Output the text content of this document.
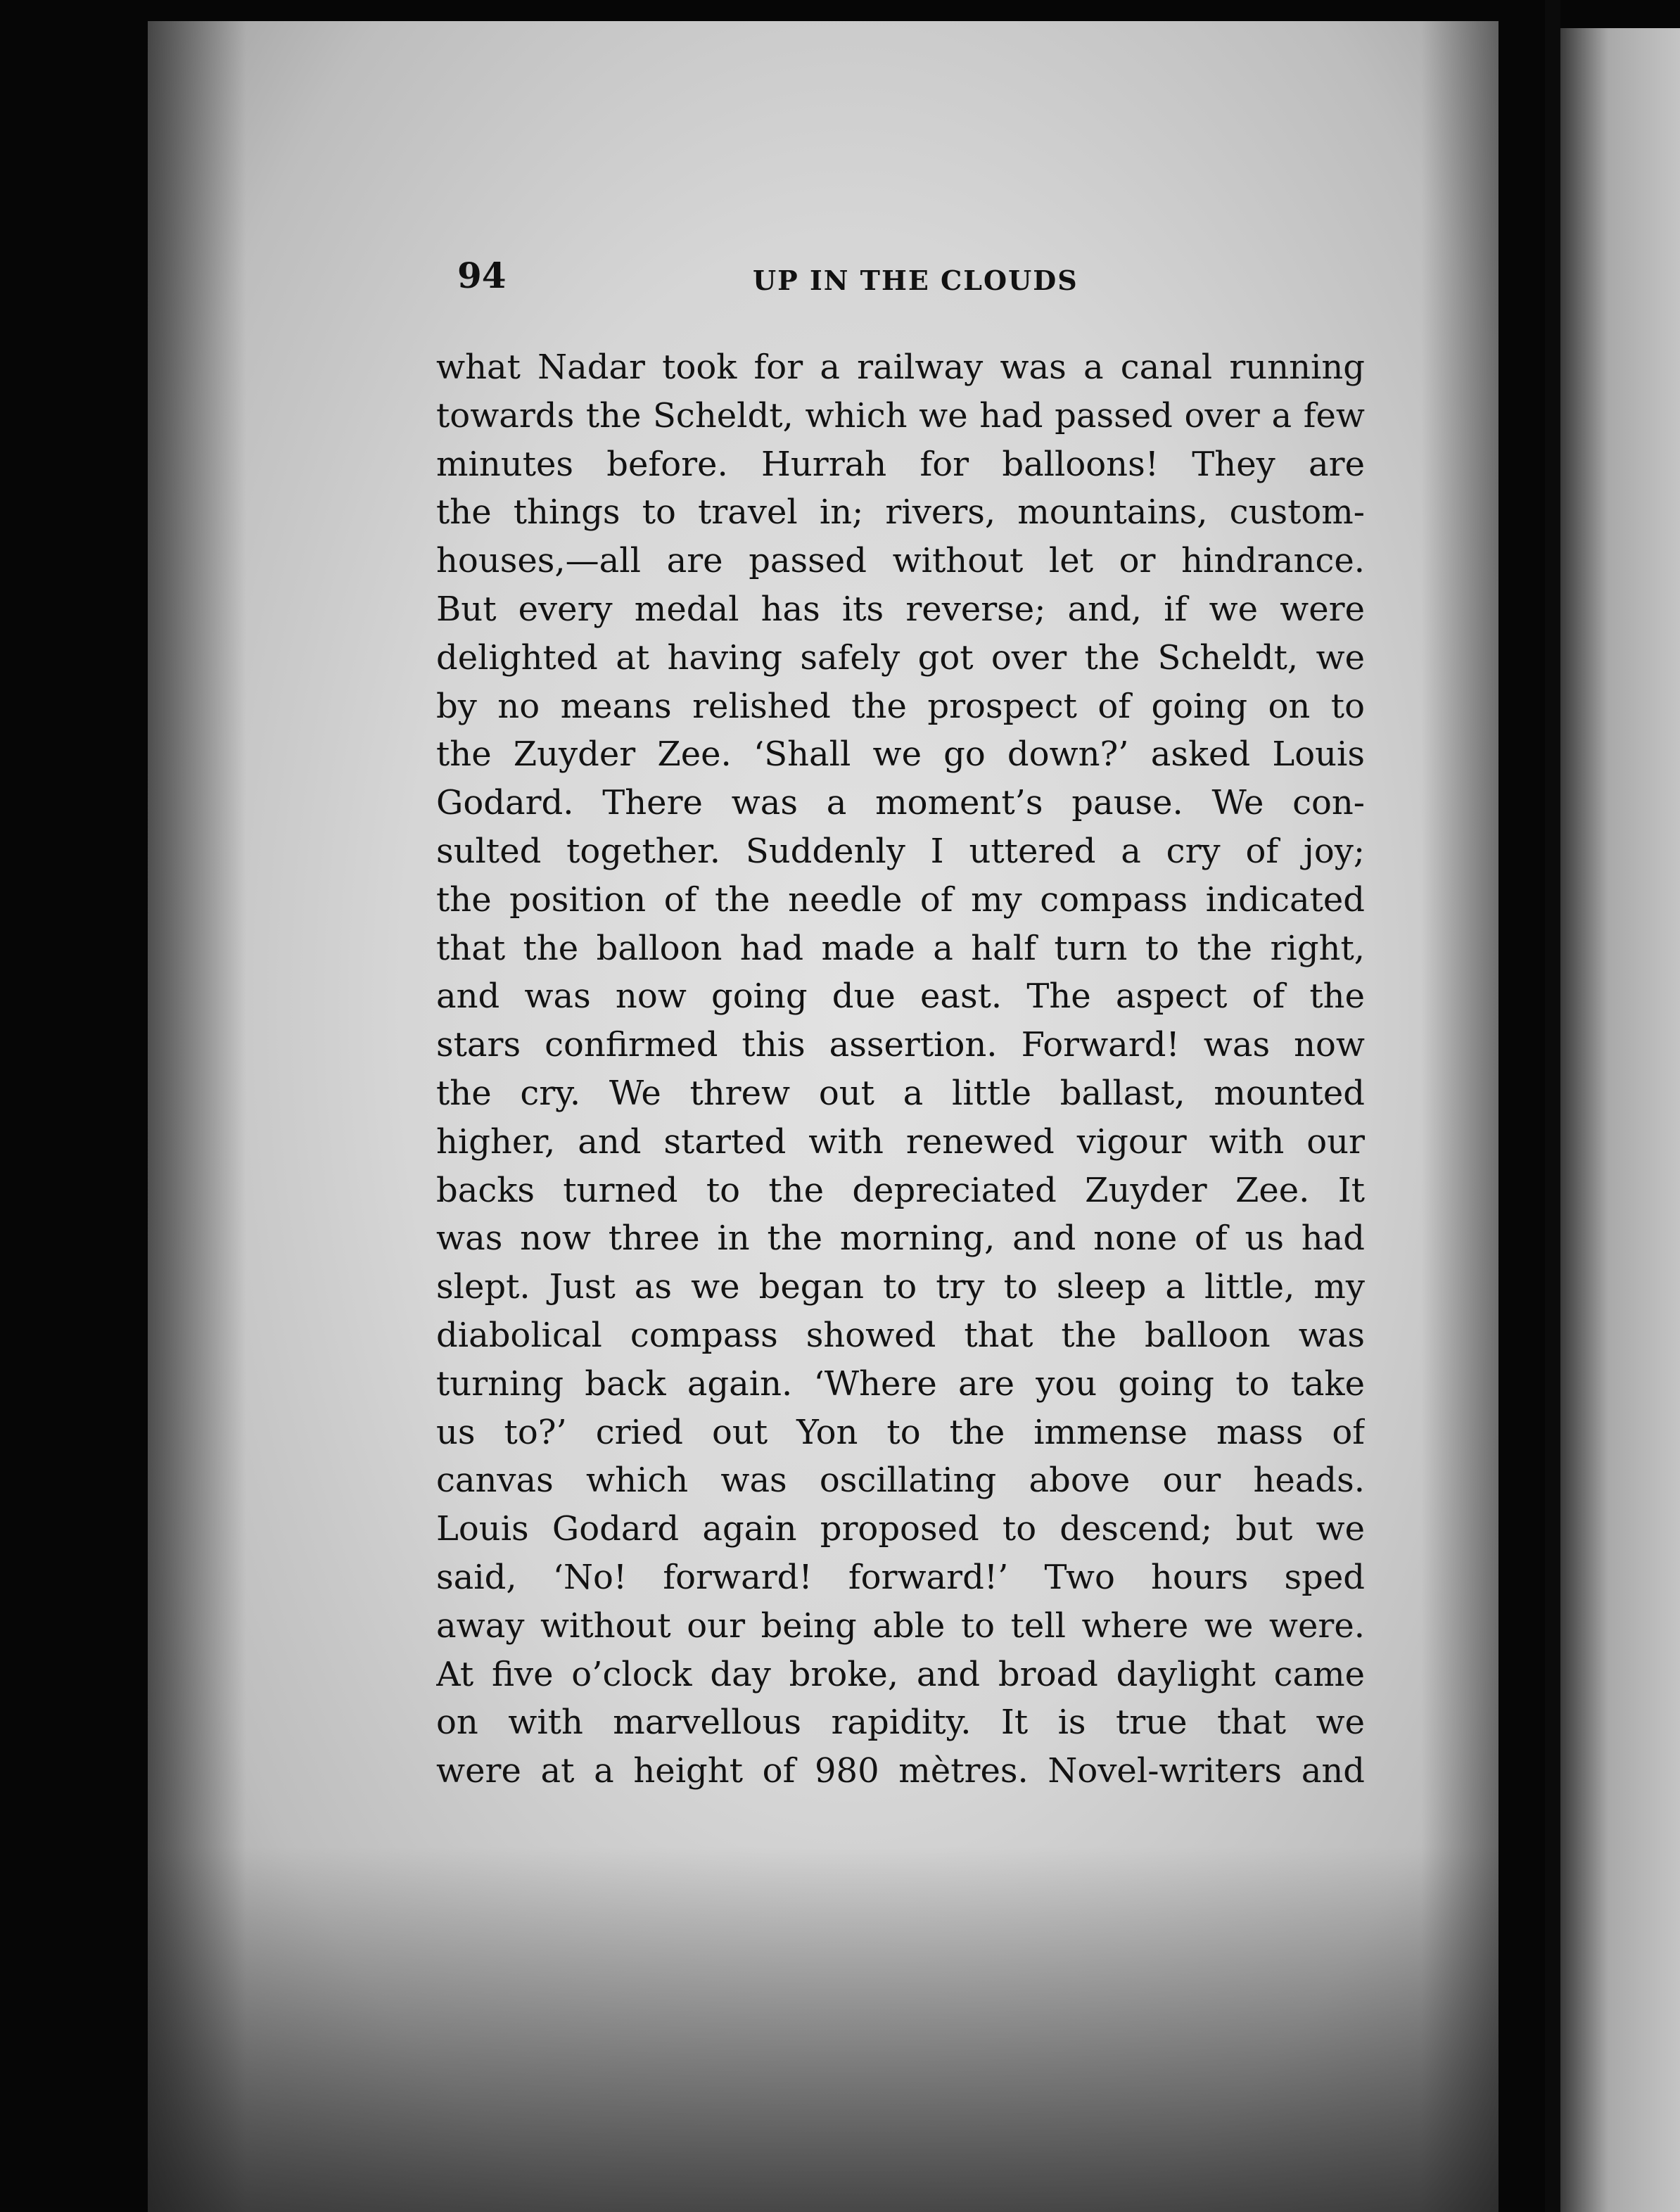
94	UP IN THE CLOUDS
what Nadar took for a railway was a canal running
towards the Scheldt, which we had passed over a few
minutes before. Hurrah for balloons! They are
the things to travel in; rivers, mountains, custom-
houses,—all are passed without let or hindrance.
But every medal has its reverse; and, if we were
delighted at having safely got over the Scheldt, we
by no means relished the prospect of going on to
the Zuyder Zee. ‘Shall we go down?’ asked Louis
Godard. There was a moment’s pause. We con-
sulted together. Suddenly I uttered a cry of joy;
the position of the needle of my compass indicated
that the balloon had made a half turn to the right,
and was now going due east. The aspect of the
stars confirmed this assertion. Forward! was now
the cry. We threw out a little ballast, mounted
higher, and started with renewed vigour with our
backs turned to the depreciated Zuyder Zee. It
was now three in the morning, and none of us had
slept. Just as we began to try to sleep a little, my
diabolical compass showed that the balloon was
turning back again. ‘Where are you going to take
us to?’ cried out Yon to the immense mass of
canvas which was oscillating above our heads.
Louis Godard again proposed to descend; but we
said, ‘No! forward! forward!’ Two hours sped
away without our being able to tell where we were.
At five o’clock day broke, and broad daylight came
on with marvellous rapidity. It is true that we
were at a height of 980 mètres. Novel-writers and
